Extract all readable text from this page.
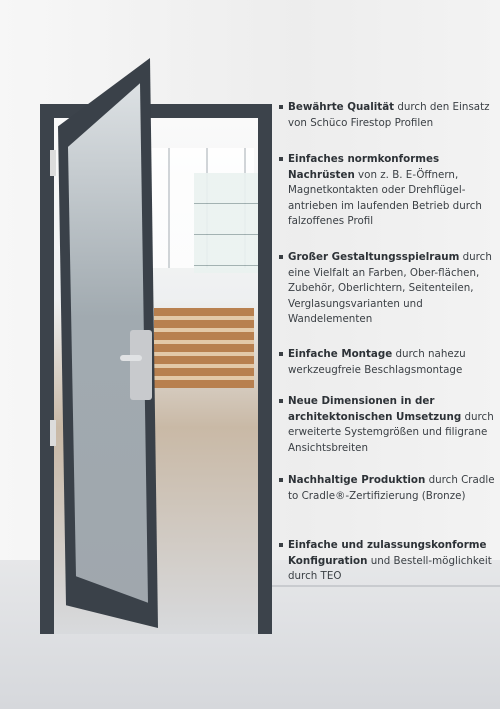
Bewährte Qualität durch den Einsatz von Schüco Firestop Profilen
Einfaches normkonformes Nachrüsten von z. B. E-Öffnern, Magnetkontakten oder Drehflügel-antrieben im laufenden Betrieb durch falzoffenes Profil
Großer Gestaltungsspielraum durch eine Vielfalt an Farben, Ober-flächen, Zubehör, Oberlichtern, Seitenteilen, Verglasungsvarianten und Wandelementen
Einfache Montage durch nahezu werkzeugfreie Beschlagsmontage
Neue Dimensionen in der architektonischen Umsetzung durch erweiterte Systemgrößen und filigrane Ansichtsbreiten
Nachhaltige Produktion durch Cradle to Cradle®-Zertifizierung (Bronze)
Einfache und zulassungskonforme Konfiguration und Bestell-möglichkeit durch TEO
